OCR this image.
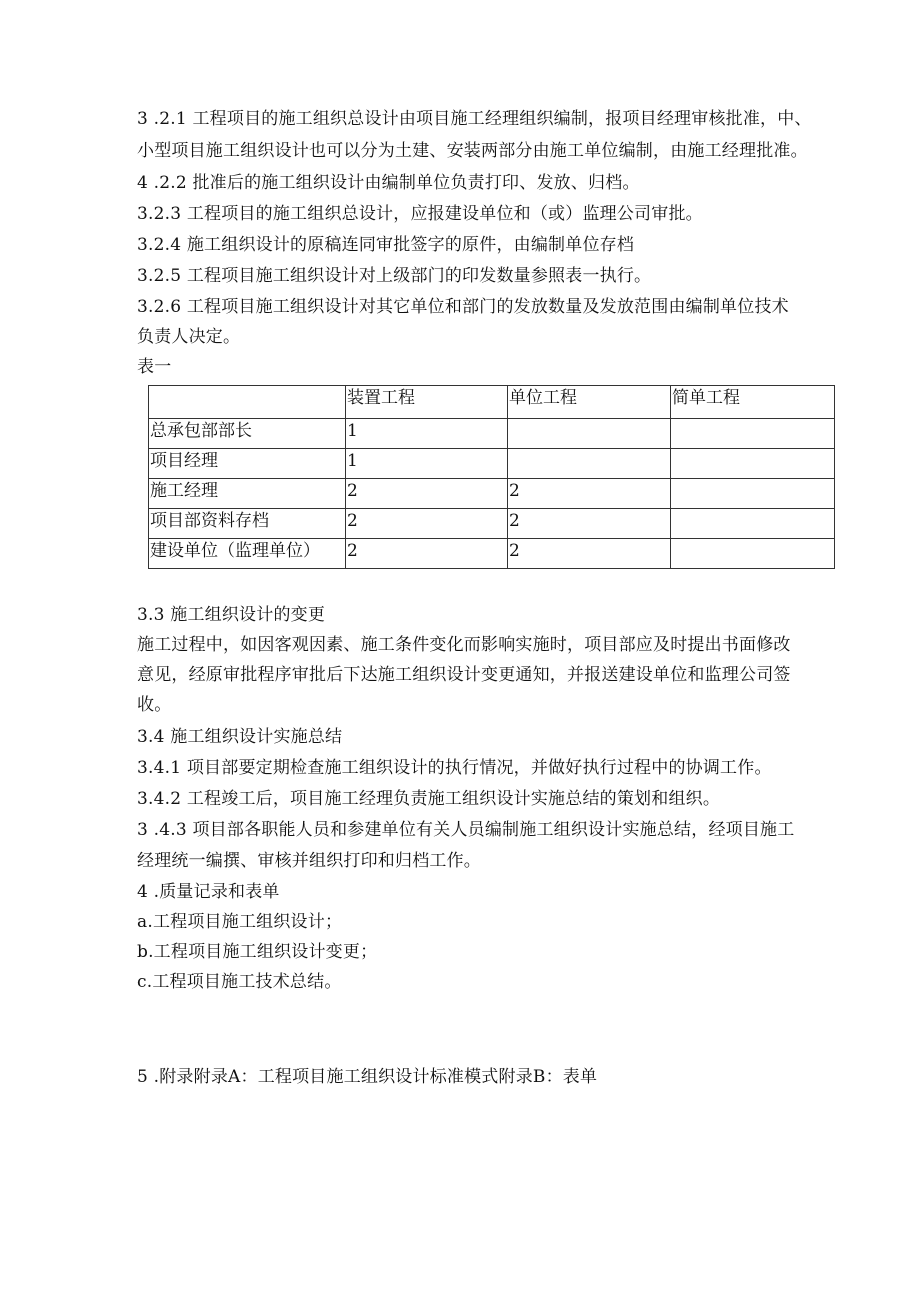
3 .2.1 工程项目的施工组织总设计由项目施工经理组织编制，报项目经理审核批准，中、
小型项目施工组织设计也可以分为土建、安装两部分由施工单位编制，由施工经理批准。
4 .2.2 批准后的施工组织设计由编制单位负责打印、发放、归档。
3.2.3 工程项目的施工组织总设计，应报建设单位和（或）监理公司审批。
3.2.4 施工组织设计的原稿连同审批签字的原件，由编制单位存档
3.2.5 工程项目施工组织设计对上级部门的印发数量参照表一执行。
3.2.6 工程项目施工组织设计对其它单位和部门的发放数量及发放范围由编制单位技术
负责人决定。
表一
	装置工程	单位工程	简单工程
总承包部部长	1		
项目经理	1		
施工经理	2	2	
项目部资料存档	2	2	
建设单位（监理单位）	2	2	
3.3 施工组织设计的变更
施工过程中，如因客观因素、施工条件变化而影响实施时，项目部应及时提出书面修改
意见，经原审批程序审批后下达施工组织设计变更通知，并报送建设单位和监理公司签
收。
3.4 施工组织设计实施总结
3.4.1 项目部要定期检查施工组织设计的执行情况，并做好执行过程中的协调工作。
3.4.2 工程竣工后，项目施工经理负责施工组织设计实施总结的策划和组织。
3 .4.3 项目部各职能人员和参建单位有关人员编制施工组织设计实施总结，经项目施工
经理统一编撰、审核并组织打印和归档工作。
4 .质量记录和表单
a.工程项目施工组织设计；
b.工程项目施工组织设计变更；
c.工程项目施工技术总结。
5 .附录附录A：工程项目施工组织设计标准模式附录B：表单
